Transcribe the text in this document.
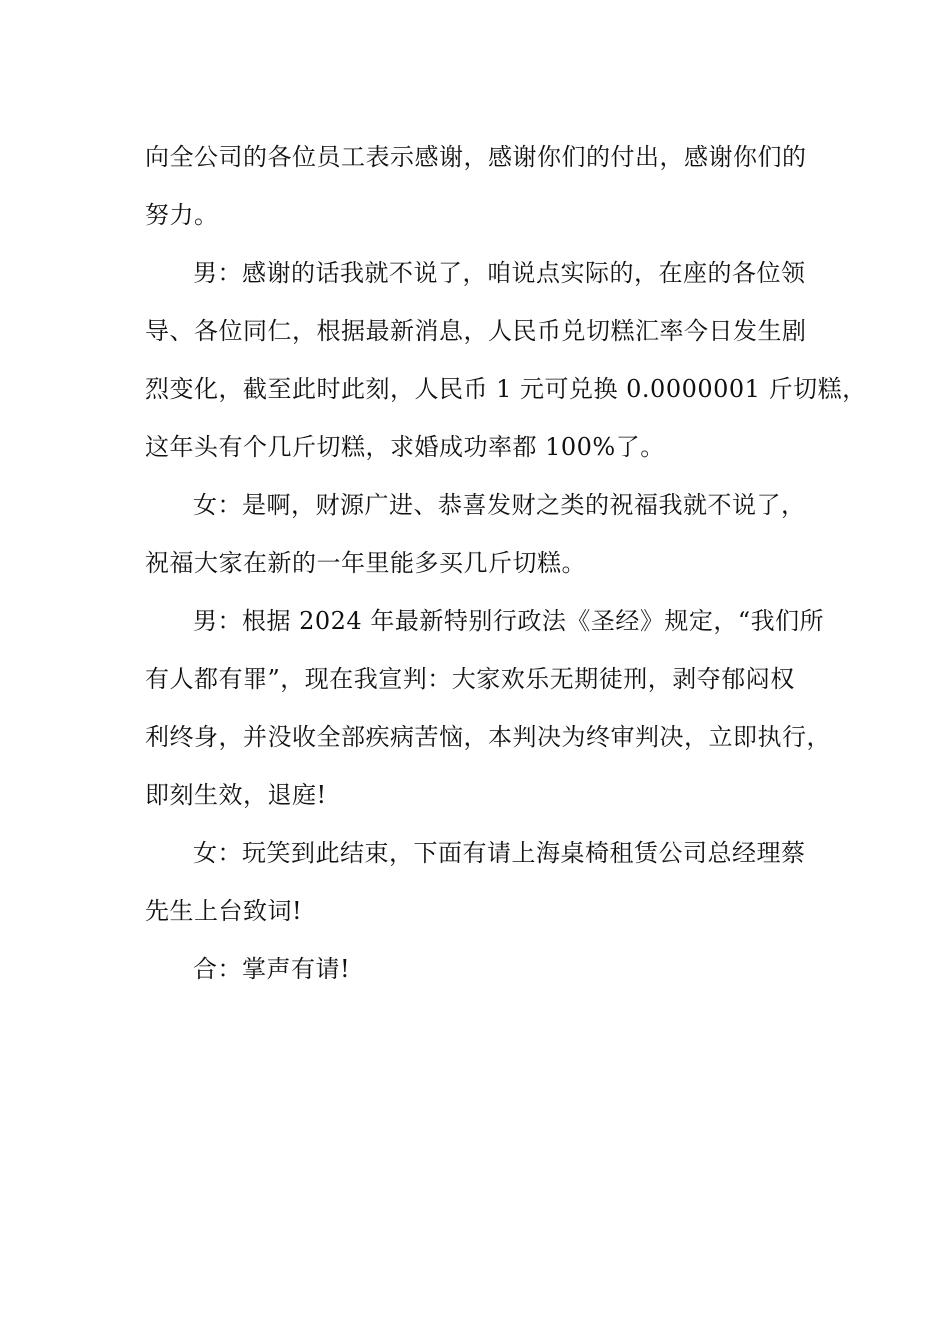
向全公司的各位员工表示感谢，感谢你们的付出，感谢你们的
努力。

男：感谢的话我就不说了，咱说点实际的，在座的各位领
导、各位同仁，根据最新消息，人民币兑切糕汇率今日发生剧
烈变化，截至此时此刻，人民币 1 元可兑换 0.0000001 斤切糕，
这年头有个几斤切糕，求婚成功率都 100%了。

女：是啊，财源广进、恭喜发财之类的祝福我就不说了，
祝福大家在新的一年里能多买几斤切糕。

男：根据 2024 年最新特别行政法《圣经》规定，“我们所
有人都有罪”，现在我宣判：大家欢乐无期徒刑，剥夺郁闷权
利终身，并没收全部疾病苦恼，本判决为终审判决，立即执行，
即刻生效，退庭!

女：玩笑到此结束，下面有请上海桌椅租赁公司总经理蔡
先生上台致词!

合：掌声有请!
